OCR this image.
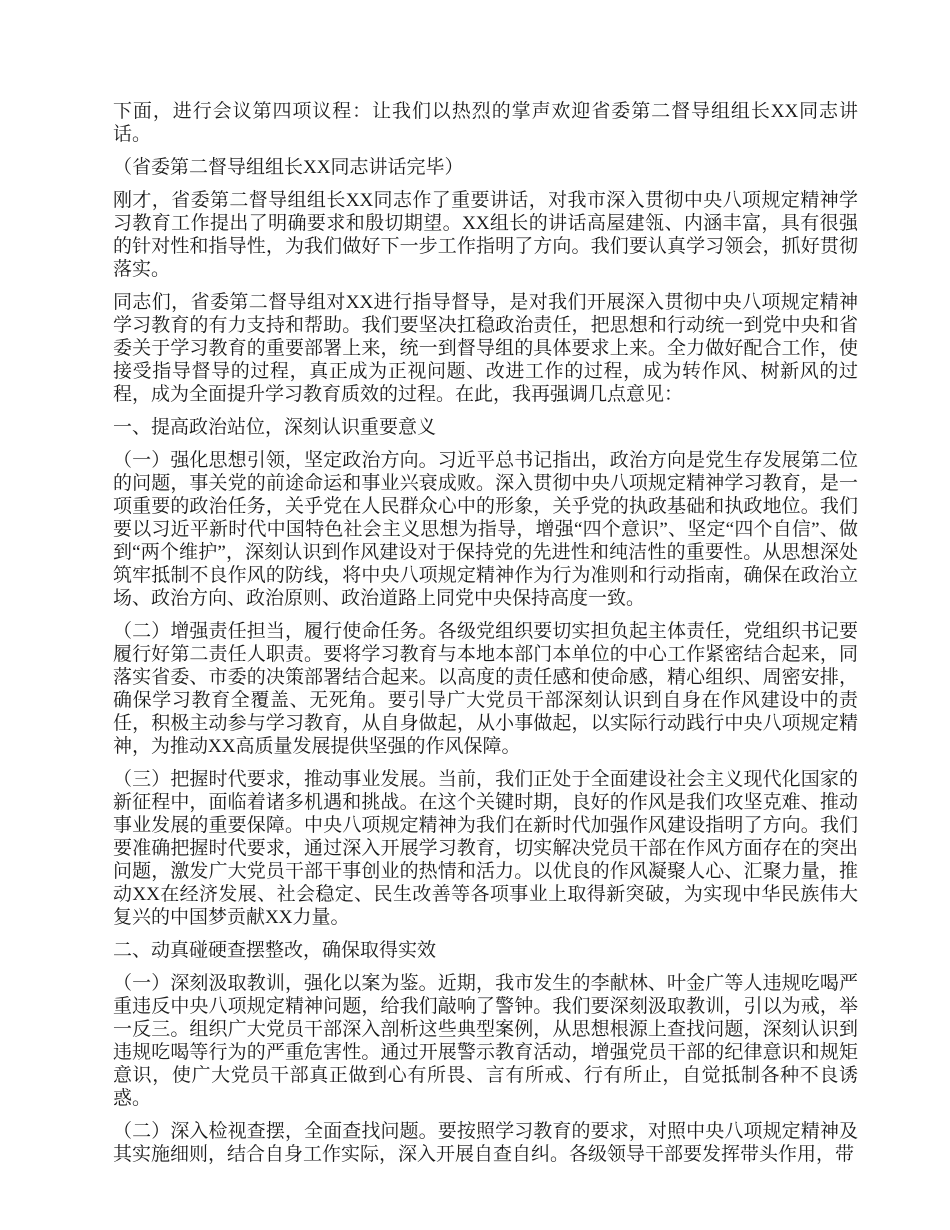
下面，进行会议第四项议程：让我们以热烈的掌声欢迎省委第二督导组组长XX同志讲话。

（省委第二督导组组长XX同志讲话完毕）

刚才，省委第二督导组组长XX同志作了重要讲话，对我市深入贯彻中央八项规定精神学习教育工作提出了明确要求和殷切期望。XX组长的讲话高屋建瓴、内涵丰富，具有很强的针对性和指导性，为我们做好下一步工作指明了方向。我们要认真学习领会，抓好贯彻落实。

同志们，省委第二督导组对XX进行指导督导，是对我们开展深入贯彻中央八项规定精神学习教育的有力支持和帮助。我们要坚决扛稳政治责任，把思想和行动统一到党中央和省委关于学习教育的重要部署上来，统一到督导组的具体要求上来。全力做好配合工作，使接受指导督导的过程，真正成为正视问题、改进工作的过程，成为转作风、树新风的过程，成为全面提升学习教育质效的过程。在此，我再强调几点意见：

一、提高政治站位，深刻认识重要意义

（一）强化思想引领，坚定政治方向。习近平总书记指出，政治方向是党生存发展第二位的问题，事关党的前途命运和事业兴衰成败。深入贯彻中央八项规定精神学习教育，是一项重要的政治任务，关乎党在人民群众心中的形象，关乎党的执政基础和执政地位。我们要以习近平新时代中国特色社会主义思想为指导，增强“四个意识”、坚定“四个自信”、做到“两个维护”，深刻认识到作风建设对于保持党的先进性和纯洁性的重要性。从思想深处筑牢抵制不良作风的防线，将中央八项规定精神作为行为准则和行动指南，确保在政治立场、政治方向、政治原则、政治道路上同党中央保持高度一致。

（二）增强责任担当，履行使命任务。各级党组织要切实担负起主体责任，党组织书记要履行好第二责任人职责。要将学习教育与本地本部门本单位的中心工作紧密结合起来，同落实省委、市委的决策部署结合起来。以高度的责任感和使命感，精心组织、周密安排，确保学习教育全覆盖、无死角。要引导广大党员干部深刻认识到自身在作风建设中的责任，积极主动参与学习教育，从自身做起，从小事做起，以实际行动践行中央八项规定精神，为推动XX高质量发展提供坚强的作风保障。

（三）把握时代要求，推动事业发展。当前，我们正处于全面建设社会主义现代化国家的新征程中，面临着诸多机遇和挑战。在这个关键时期，良好的作风是我们攻坚克难、推动事业发展的重要保障。中央八项规定精神为我们在新时代加强作风建设指明了方向。我们要准确把握时代要求，通过深入开展学习教育，切实解决党员干部在作风方面存在的突出问题，激发广大党员干部干事创业的热情和活力。以优良的作风凝聚人心、汇聚力量，推动XX在经济发展、社会稳定、民生改善等各项事业上取得新突破，为实现中华民族伟大复兴的中国梦贡献XX力量。

二、动真碰硬查摆整改，确保取得实效

（一）深刻汲取教训，强化以案为鉴。近期，我市发生的李献林、叶金广等人违规吃喝严重违反中央八项规定精神问题，给我们敲响了警钟。我们要深刻汲取教训，引以为戒，举一反三。组织广大党员干部深入剖析这些典型案例，从思想根源上查找问题，深刻认识到违规吃喝等行为的严重危害性。通过开展警示教育活动，增强党员干部的纪律意识和规矩意识，使广大党员干部真正做到心有所畏、言有所戒、行有所止，自觉抵制各种不良诱惑。

（二）深入检视查摆，全面查找问题。要按照学习教育的要求，对照中央八项规定精神及其实施细则，结合自身工作实际，深入开展自查自纠。各级领导干部要发挥带头作用，带
